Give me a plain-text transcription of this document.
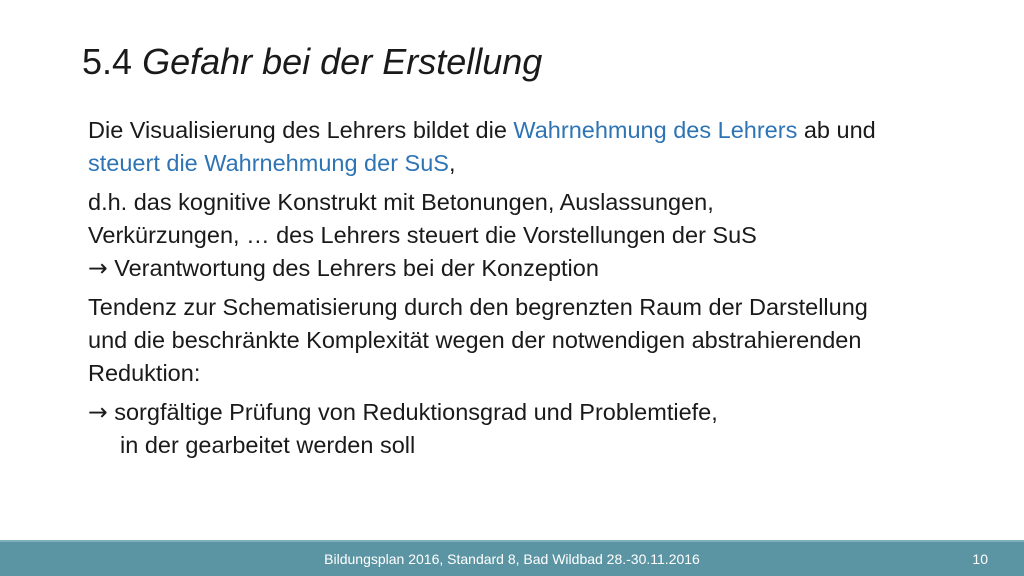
5.4 Gefahr bei der Erstellung
Die Visualisierung des Lehrers bildet die Wahrnehmung des Lehrers ab und
steuert die Wahrnehmung der SuS,
d.h. das kognitive Konstrukt mit Betonungen, Auslassungen,
Verkürzungen, … des Lehrers steuert die Vorstellungen der SuS
→ Verantwortung des Lehrers bei der Konzeption
Tendenz zur Schematisierung durch den begrenzten Raum der Darstellung
und die beschränkte Komplexität wegen der notwendigen abstrahierenden
Reduktion:
→ sorgfältige Prüfung von Reduktionsgrad und Problemtiefe,
in der gearbeitet werden soll
Bildungsplan 2016, Standard 8, Bad Wildbad 28.-30.11.2016	10
